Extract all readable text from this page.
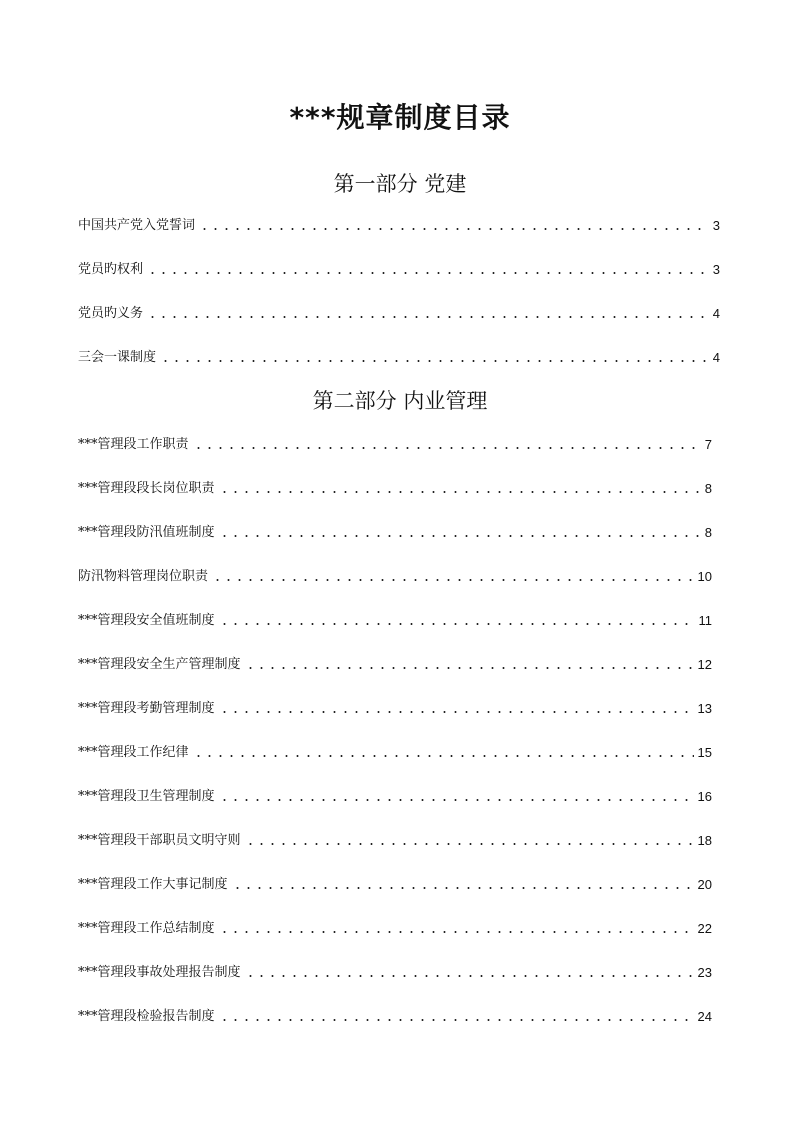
***规章制度目录
第一部分 党建
中国共产党入党誓词	3
党员旳权利	3
党员旳义务	4
三会一课制度	4
第二部分 内业管理
***管理段工作职责	7
***管理段段长岗位职责	8
***管理段防汛值班制度	8
防汛物料管理岗位职责	10
***管理段安全值班制度	11
***管理段安全生产管理制度	12
***管理段考勤管理制度	13
***管理段工作纪律	15
***管理段卫生管理制度	16
***管理段干部职员文明守则	18
***管理段工作大事记制度	20
***管理段工作总结制度	22
***管理段事故处理报告制度	23
***管理段检验报告制度	24
